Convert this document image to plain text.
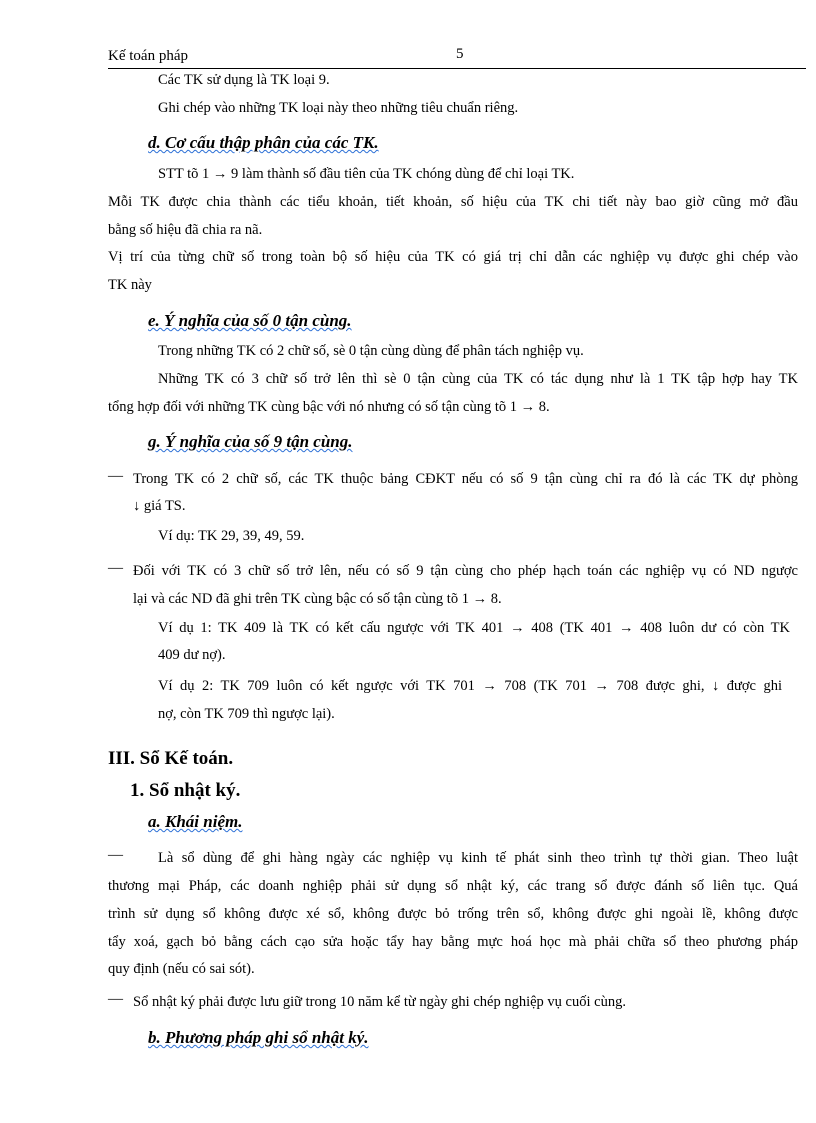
Kế toán pháp	5
Các TK sử dụng là TK loại 9.
Ghi chép vào những TK loại này theo những tiêu chuẩn riêng.
d. Cơ cấu thập phân của các TK.
STT tõ 1 → 9 làm thành số đầu tiên của TK chóng dùng để chỉ loại TK.
Mỗi TK được chia thành các tiểu khoản, tiết khoản, số hiệu của TK chi tiết này bao giờ cũng mở đầu
bằng số hiệu đã chia ra nã.
Vị trí của từng chữ số trong toàn bộ số hiệu của TK có giá trị chỉ dẫn các nghiệp vụ được ghi chép vào
TK này
e. Ý nghĩa của số 0 tận cùng.
Trong những TK có 2 chữ số, sè 0 tận cùng dùng để phân tách nghiệp vụ.
Những TK có 3 chữ số trở lên thì sè 0 tận cùng của TK có tác dụng như là 1 TK tập hợp hay TK
tổng hợp đối với những TK cùng bậc với nó nhưng có số tận cùng tõ 1 → 8.
g. Ý nghĩa của số 9 tận cùng.
— Trong TK có 2 chữ số, các TK thuộc bảng CĐKT nếu có số 9 tận cùng chỉ ra đó là các TK dự phòng
↓ giá TS.
Ví dụ: TK 29, 39, 49, 59.
— Đối với TK có 3 chữ số trở lên, nếu có số 9 tận cùng cho phép hạch toán các nghiệp vụ có ND ngược
lại và các ND đã ghi trên TK cùng bậc có số tận cùng tõ 1 → 8.
Ví dụ 1: TK 409 là TK có kết cấu ngược với TK 401 → 408 (TK 401 → 408 luôn dư có còn TK
409 dư nợ).
Ví dụ 2: TK 709 luôn có kết ngược với TK 701 → 708 (TK 701 → 708 được ghi, ↓ được ghi
nợ, còn TK 709 thì ngược lại).
III. Sổ Kế toán.
1. Sổ nhật ký.
a. Khái niệm.
— Là sổ dùng để ghi hàng ngày các nghiệp vụ kinh tế phát sinh theo trình tự thời gian. Theo luật
thương mại Pháp, các doanh nghiệp phải sử dụng sổ nhật ký, các trang sổ được đánh số liên tục. Quá
trình sử dụng sổ không được xé sổ, không được bỏ trống trên sổ, không được ghi ngoài lề, không được
tẩy xoá, gạch bỏ bằng cách cạo sửa hoặc tẩy hay bằng mực hoá học mà phải chữa sổ theo phương pháp
quy định (nếu có sai sót).
— Sổ nhật ký phải được lưu giữ trong 10 năm kể từ ngày ghi chép nghiệp vụ cuối cùng.
b. Phương pháp ghi sổ nhật ký.
